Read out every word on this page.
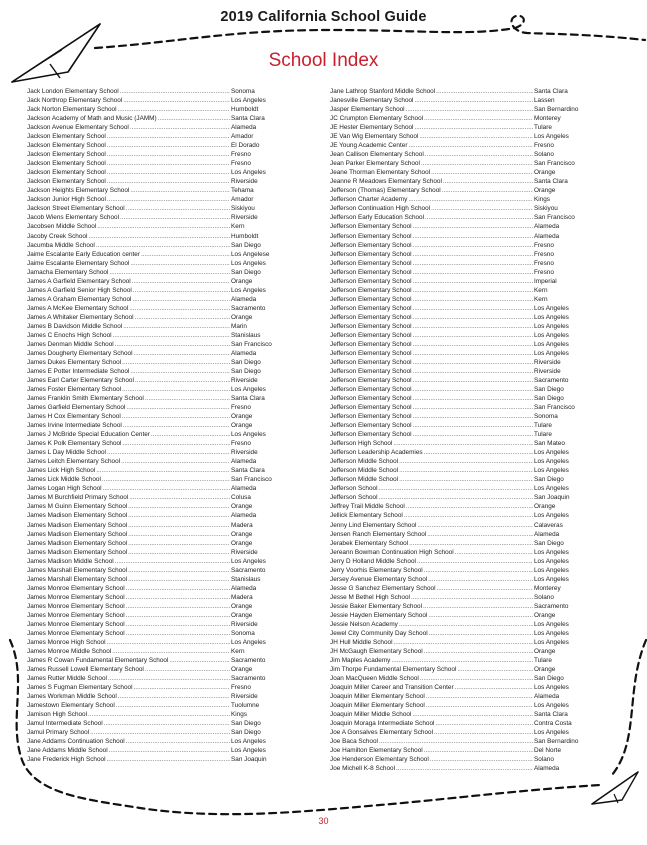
2019 California School Guide
School Index
Jack London Elementary School .....	Sonoma
Jack Northrop Elementary School .....	Los Angeles
Jack Norton Elementary School .....	Humboldt
Jackson Academy of Math and Music (JAMM) .....	Santa Clara
Jackson Avenue Elementary School .....	Alameda
Jackson Elementary School .....	Amador
Jackson Elementary School .....	El Dorado
Jackson Elementary School .....	Fresno
Jackson Elementary School .....	Fresno
Jackson Elementary School .....	Los Angeles
Jackson Elementary School .....	Riverside
Jackson Heights Elementary School .....	Tehama
Jackson Junior High School .....	Amador
Jackson Street Elementary School .....	Siskiyou
Jacob Wiens Elementary School .....	Riverside
Jacobsen Middle School .....	Kern
Jacoby Creek School .....	Humboldt
Jacumba Middle School .....	San Diego
Jaime Escalante Early Education center .....	Los Angelese
Jaime Escalante Elementary School .....	Los Angeles
Jamacha Elementary School .....	San Diego
James A Garfield Elementary School .....	Orange
James A Garfield Senior High School .....	Los Angeles
James A Graham Elementary School .....	Alameda
James A McKee Elementary School .....	Sacramento
James A Whitaker Elementary School .....	Orange
James B Davidson Middle School .....	Marin
James C Enochs High School .....	Stanislaus
James Denman Middle School .....	San Francisco
James Dougherty Elementary School .....	Alameda
James Dukes Elementary School .....	San Diego
James E Potter Intermediate School .....	San Diego
James Earl Carter Elementary School .....	Riverside
James Foster Elementary School .....	Los Angeles
James Franklin Smith Elementary School .....	Santa Clara
James Garfield Elementary School .....	Fresno
James H Cox Elementary School .....	Orange
James Irvine Intermediate School .....	Orange
James J McBride Special Education Center .....	Los Angeles
James K Polk Elementary School .....	Fresno
James L Day Middle School .....	Riverside
James Leitch Elementary School .....	Alameda
James Lick High School .....	Santa Clara
James Lick Middle School .....	San Francisco
James Logan High School .....	Alameda
James M Burchfield Primary School .....	Colusa
James M Guinn Elementary School .....	Orange
James Madison Elementary School .....	Alameda
James Madison Elementary School .....	Madera
James Madison Elementary School .....	Orange
James Madison Elementary School .....	Orange
James Madison Elementary School .....	Riverside
James Madison Middle School .....	Los Angeles
James Marshall Elementary School .....	Sacramento
James Marshall Elementary School .....	Stanislaus
James Monroe Elementary School .....	Alameda
James Monroe Elementary School .....	Madera
James Monroe Elementary School .....	Orange
James Monroe Elementary School .....	Orange
James Monroe Elementary School .....	Riverside
James Monroe Elementary School .....	Sonoma
James Monroe High School .....	Los Angeles
James Monroe Middle School .....	Kern
James R Cowan Fundamental Elementary School .....	Sacramento
James Russell Lowell Elementary School .....	Orange
James Rutter Middle School .....	Sacramento
James S Fugman Elementary School .....	Fresno
James Workman Middle School .....	Riverside
Jamestown Elementary School .....	Tuolumne
Jamison High School .....	Kings
Jamul Intermediate School .....	San Diego
Jamul Primary School .....	San Diego
Jane Addams Continuation School .....	Los Angeles
Jane Addams Middle School .....	Los Angeles
Jane Frederick High School .....	San Joaquin
Jane Lathrop Stanford Middle School .....	Santa Clara
Janesville Elementary School .....	Lassen
Jasper Elementary School .....	San Bernardino
JC Crumpton Elementary School .....	Monterey
JE Hester Elementary School .....	Tulare
JE Van Wig Elementary School .....	Los Angeles
JE Young Academic Center .....	Fresno
Jean Callison Elementary School .....	Solano
Jean Parker Elementary School .....	San Francisco
Jeane Thorman Elementary School .....	Orange
Jeanne R Meadows Elementary School .....	Santa Clara
Jefferson (Thomas) Elementary School .....	Orange
Jefferson Charter Academy .....	Kings
Jefferson Continuation High School .....	Siskiyou
Jefferson Early Education School .....	San Francisco
Jefferson Elementary School .....	Alameda
Jefferson Elementary School .....	Alameda
Jefferson Elementary School .....	Fresno
Jefferson Elementary School .....	Fresno
Jefferson Elementary School .....	Fresno
Jefferson Elementary School .....	Fresno
Jefferson Elementary School .....	Imperial
Jefferson Elementary School .....	Kern
Jefferson Elementary School .....	Kern
Jefferson Elementary School .....	Los Angeles
Jefferson Elementary School .....	Los Angeles
Jefferson Elementary School .....	Los Angeles
Jefferson Elementary School .....	Los Angeles
Jefferson Elementary School .....	Los Angeles
Jefferson Elementary School .....	Los Angeles
Jefferson Elementary School .....	Riverside
Jefferson Elementary School .....	Riverside
Jefferson Elementary School .....	Sacramento
Jefferson Elementary School .....	San Diego
Jefferson Elementary School .....	San Diego
Jefferson Elementary School .....	San Francisco
Jefferson Elementary School .....	Sonoma
Jefferson Elementary School .....	Tulare
Jefferson Elementary School .....	Tulare
Jefferson High School .....	San Mateo
Jefferson Leadership Academies .....	Los Angeles
Jefferson Middle School .....	Los Angeles
Jefferson Middle School .....	Los Angeles
Jefferson Middle School .....	San Diego
Jefferson School .....	Los Angeles
Jefferson School .....	San Joaquin
Jeffrey Trail Middle School .....	Orange
Jellick Elementary School .....	Los Angeles
Jenny Lind Elementary School .....	Calaveras
Jensen Ranch Elementary School .....	Alameda
Jerabek Elementary School .....	San Diego
Jereann Bowman Continuation High School .....	Los Angeles
Jerry D Holland Middle School .....	Los Angeles
Jerry Voorhis Elementary School .....	Los Angeles
Jersey Avenue Elementary School .....	Los Angeles
Jesse G Sanchez Elementary School .....	Monterey
Jesse M Bethel High School .....	Solano
Jessie Baker Elementary School .....	Sacramento
Jessie Hayden Elementary School .....	Orange
Jessie Nelson Academy .....	Los Angeles
Jewel City Community Day School .....	Los Angeles
JH Hull Middle School .....	Los Angeles
JH McGaugh Elementary School .....	Orange
Jim Maples Academy .....	Tulare
Jim Thorpe Fundamental Elementary School .....	Orange
Joan MacQueen Middle School .....	San Diego
Joaquin Miller Career and Transition Center .....	Los Angeles
Joaquin Miller Elementary School .....	Alameda
Joaquin Miller Elementary School .....	Los Angeles
Joaquin Miller Middle School .....	Santa Clara
Joaquin Moraga Intermediate School .....	Contra Costa
Joe A Gonsalves Elementary School .....	Los Angeles
Joe Baca School .....	San Bernardino
Joe Hamilton Elementary School .....	Del Norte
Joe Henderson Elementary School .....	Solano
Joe Michell K-8 School .....	Alameda
30
